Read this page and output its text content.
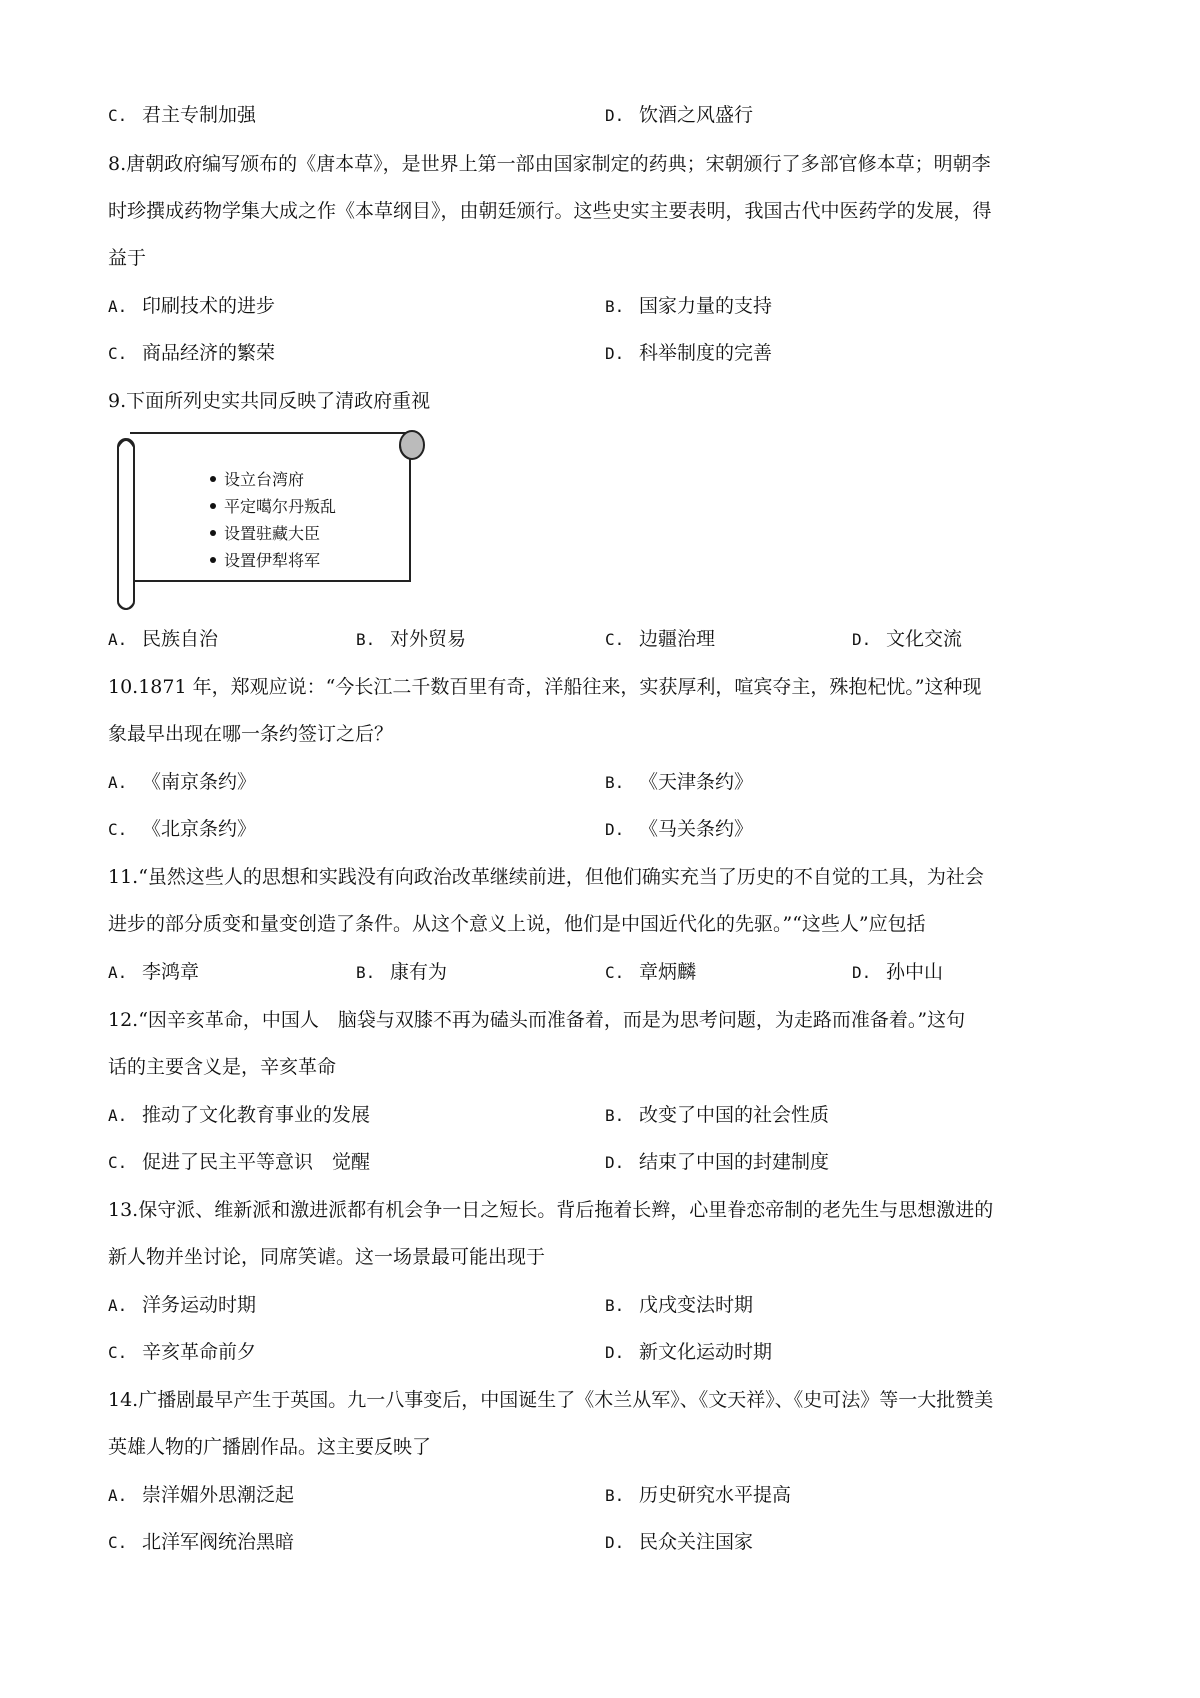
C. 君主专制加强	D. 饮酒之风盛行
8.唐朝政府编写颁布的《唐本草》，是世界上第一部由国家制定的药典；宋朝颁行了多部官修本草；明朝李
时珍撰成药物学集大成之作《本草纲目》，由朝廷颁行。这些史实主要表明，我国古代中医药学的发展，得
益于
A. 印刷技术的进步	B. 国家力量的支持
C. 商品经济的繁荣	D. 科举制度的完善
9.下面所列史实共同反映了清政府重视
设立台湾府
平定噶尔丹叛乱
设置驻藏大臣
设置伊犁将军
A. 民族自治	B. 对外贸易	C. 边疆治理	D. 文化交流
10.1871 年，郑观应说：“今长江二千数百里有奇，洋船往来，实获厚利，喧宾夺主，殊抱杞忧。”这种现
象最早出现在哪一条约签订之后？
A. 《南京条约》	B. 《天津条约》
C. 《北京条约》	D. 《马关条约》
11.“虽然这些人的思想和实践没有向政治改革继续前进，但他们确实充当了历史的不自觉的工具，为社会
进步的部分质变和量变创造了条件。从这个意义上说，他们是中国近代化的先驱。”“这些人”应包括
A. 李鸿章	B. 康有为	C. 章炳麟	D. 孙中山
12.“因辛亥革命，中国人　脑袋与双膝不再为磕头而准备着，而是为思考问题，为走路而准备着。”这句
话的主要含义是，辛亥革命
A. 推动了文化教育事业的发展	B. 改变了中国的社会性质
C. 促进了民主平等意识　觉醒	D. 结束了中国的封建制度
13.保守派、维新派和激进派都有机会争一日之短长。背后拖着长辫，心里眷恋帝制的老先生与思想激进的
新人物并坐讨论，同席笑谑。这一场景最可能出现于
A. 洋务运动时期	B. 戊戌变法时期
C. 辛亥革命前夕	D. 新文化运动时期
14.广播剧最早产生于英国。九一八事变后，中国诞生了《木兰从军》、《文天祥》、《史可法》等一大批赞美
英雄人物的广播剧作品。这主要反映了
A. 崇洋媚外思潮泛起	B. 历史研究水平提高
C. 北洋军阀统治黑暗	D. 民众关注国家
